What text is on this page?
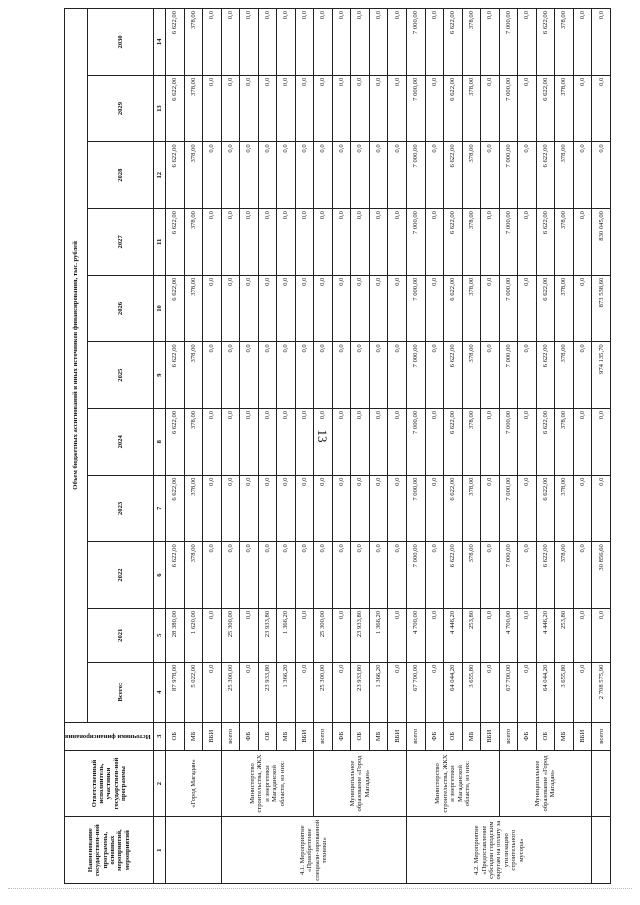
13
Наименование государствен-ной программы, основных мероприятий, мероприятий	Ответственный исполнитель, участники государствен-ной программы	Источники финансирования	Объем бюджетных ассигнований и иных источников финансирования, тыс. рублей										
			Всего:	2021	2022	2023	2024	2025	2026	2027	2028	2029	2030
1	2	3	4	5	6	7	8	9	10	11	12	13	14
	«Город Магадан»	ОБ	87 978,00	28 380,00	6 622,00	6 622,00	6 622,00	6 622,00	6 622,00	6 622,00	6 622,00	6 622,00	6 622,00
		МБ	5 022,00	1 620,00	378,00	378,00	378,00	378,00	378,00	378,00	378,00	378,00	378,00
		ВБИ	0,0	0,0	0,0	0,0	0,0	0,0	0,0	0,0	0,0	0,0	0,0
4.1. Мероприятие «Приобретение специали-зированной техники»	Министерство строительства, ЖКХ и энергетики Магаданской области, из них:	всего	25 300,00	25 300,00	0,0	0,0	0,0	0,0	0,0	0,0	0,0	0,0	0,0
		ФБ	0,0	0,0	0,0	0,0	0,0	0,0	0,0	0,0	0,0	0,0	0,0
		ОБ	23 933,80	23 933,80	0,0	0,0	0,0	0,0	0,0	0,0	0,0	0,0	0,0
		МБ	1 366,20	1 366,20	0,0	0,0	0,0	0,0	0,0	0,0	0,0	0,0	0,0
		ВБИ	0,0	0,0	0,0	0,0	0,0	0,0	0,0	0,0	0,0	0,0	0,0
	Муниципальное образование «Город Магадан»	всего	25 300,00	25 300,00	0,0	0,0	0,0	0,0	0,0	0,0	0,0	0,0	0,0
		ФБ	0,0	0,0	0,0	0,0	0,0	0,0	0,0	0,0	0,0	0,0	0,0
		ОБ	23 933,80	23 933,80	0,0	0,0	0,0	0,0	0,0	0,0	0,0	0,0	0,0
		МБ	1 366,20	1 366,20	0,0	0,0	0,0	0,0	0,0	0,0	0,0	0,0	0,0
		ВБИ	0,0	0,0	0,0	0,0	0,0	0,0	0,0	0,0	0,0	0,0	0,0
4.2. Мероприятие «Предоставление субсидии городским округам на оплату за утилизацию строительного мусора»	Министерство строительства, ЖКХ и энергетики Магаданской области, из них:	всего	67 700,00	4 700,00	7 000,00	7 000,00	7 000,00	7 000,00	7 000,00	7 000,00	7 000,00	7 000,00	7 000,00
		ФБ	0,0	0,0	0,0	0,0	0,0	0,0	0,0	0,0	0,0	0,0	0,0
		ОБ	64 044,20	4 446,20	6 622,00	6 622,00	6 622,00	6 622,00	6 622,00	6 622,00	6 622,00	6 622,00	6 622,00
		МБ	3 655,80	253,80	378,00	378,00	378,00	378,00	378,00	378,00	378,00	378,00	378,00
		ВБИ	0,0	0,0	0,0	0,0	0,0	0,0	0,0	0,0	0,0	0,0	0,0
	Муниципальное образование «Город Магадан»	всего	67 700,00	4 700,00	7 000,00	7 000,00	7 000,00	7 000,00	7 000,00	7 000,00	7 000,00	7 000,00	7 000,00
		ФБ	0,0	0,0	0,0	0,0	0,0	0,0	0,0	0,0	0,0	0,0	0,0
		ОБ	64 044,20	4 446,20	6 622,00	6 622,00	6 622,00	6 622,00	6 622,00	6 622,00	6 622,00	6 622,00	6 622,00
		МБ	3 655,80	253,80	378,00	378,00	378,00	378,00	378,00	378,00	378,00	378,00	378,00
		ВБИ	0,0	0,0	0,0	0,0	0,0	0,0	0,0	0,0	0,0	0,0	0,0
		всего	2 708 575,90	0,0	30 856,60	0,0	0,0	974 135,70	873 538,60	830 045,00	0,0	0,0	0,0
